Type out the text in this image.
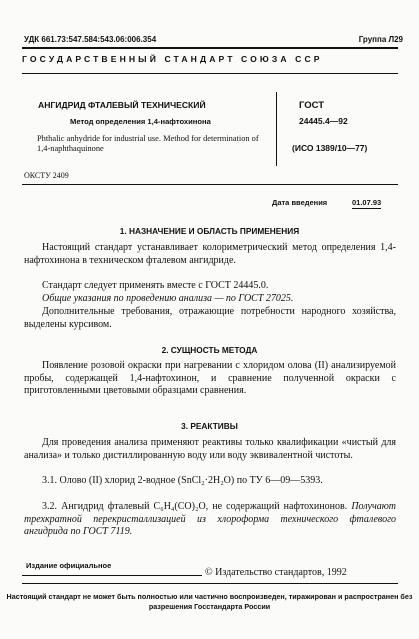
УДК 661.73:547.584:543.06:006.354	Группа Л29
ГОСУДАРСТВЕННЫЙ СТАНДАРТ СОЮЗА ССР
АНГИДРИД ФТАЛЕВЫЙ ТЕХНИЧЕСКИЙ
Метод определения 1,4-нафтохинона
Phthalic anhydride for industrial use. Method for determination of 1,4-naphthaquinone
ГОСТ
24445.4—92
(ИСО 1389/10—77)
ОКСТУ 2409
Дата введения	01.07.93
1. НАЗНАЧЕНИЕ И ОБЛАСТЬ ПРИМЕНЕНИЯ
Настоящий стандарт устанавливает колориметрический метод определения 1,4-нафтохинона в техническом фталевом ангидриде.
Стандарт следует применять вместе с ГОСТ 24445.0.
Общие указания по проведению анализа — по ГОСТ 27025.
Дополнительные требования, отражающие потребности народного хозяйства, выделены курсивом.
2. СУЩНОСТЬ МЕТОДА
Появление розовой окраски при нагревании с хлоридом олова (II) анализируемой пробы, содержащей 1,4-нафтохинон, и сравнение полученной окраски с приготовленными цветовыми образцами сравнения.
3. РЕАКТИВЫ
Для проведения анализа применяют реактивы только квалификации «чистый для анализа» и только дистиллированную воду или воду эквивалентной чистоты.
3.1. Олово (II) хлорид 2-водное (SnCl₂·2H₂O) по ТУ 6—09—5393.
3.2. Ангидрид фталевый C₆H₄(CO)₂O, не содержащий нафтохинонов. Получают трехкратной перекристаллизацией из хлороформа технического фталевого ангидрида по ГОСТ 7119.
Издание официальное
© Издательство стандартов, 1992
Настоящий стандарт не может быть полностью или частично воспроизведен, тиражирован и распространен без разрешения Госстандарта России
